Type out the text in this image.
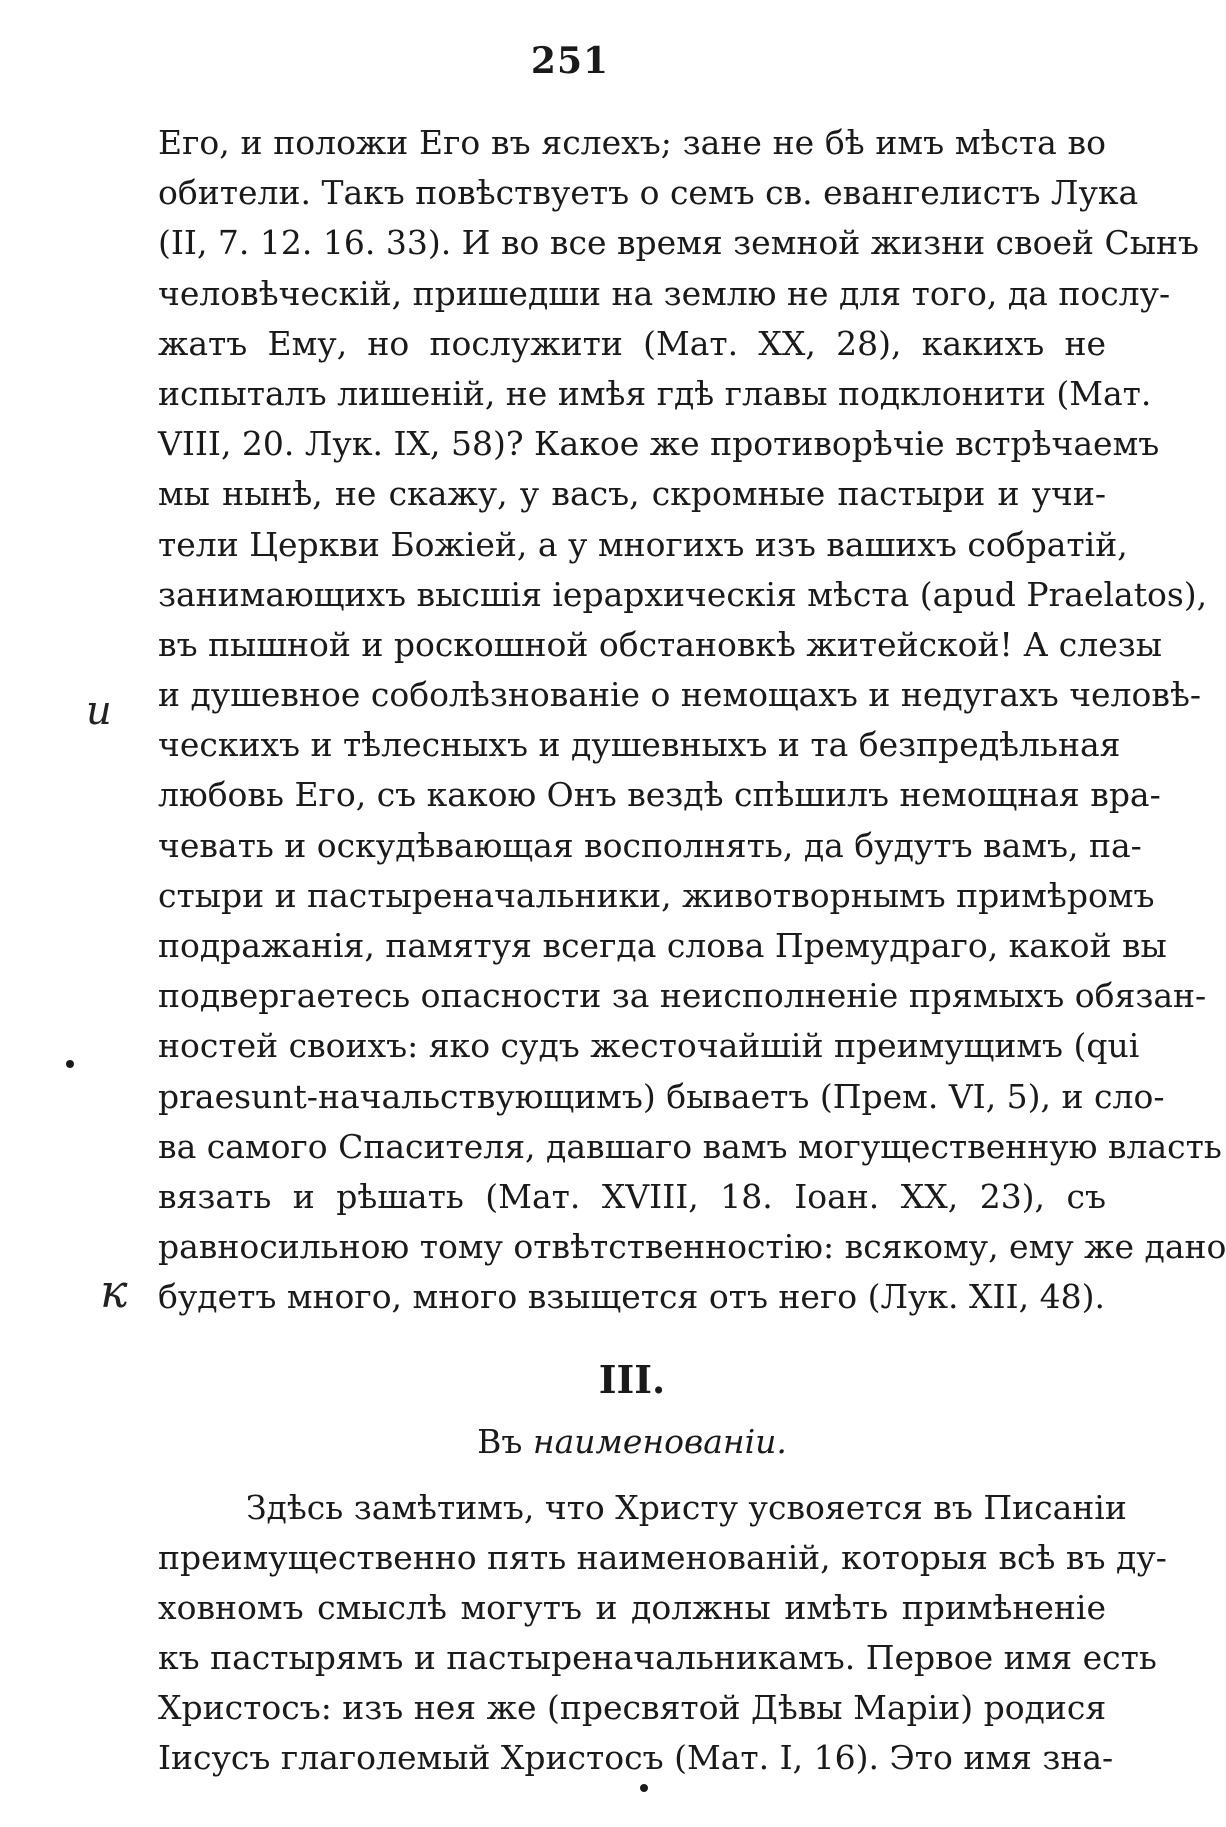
251
и
к
Его, и положи Его въ яслехъ; зане не бѣ имъ мѣста во
обители. Такъ повѣствуетъ о семъ св. евангелистъ Лука
(II, 7. 12. 16. 33). И во все время земной жизни своей Сынъ
человѣческій, пришедши на землю не для того, да послу-
жатъ Ему, но послужити (Мат. XX, 28), какихъ не
испыталъ лишеній, не имѣя гдѣ главы подклонити (Мат.
VIII, 20. Лук. IX, 58)? Какое же противорѣчіе встрѣчаемъ
мы нынѣ, не скажу, у васъ, скромные пастыри и учи-
тели Церкви Божіей, а у многихъ изъ вашихъ собратій,
занимающихъ высшія іерархическія мѣста (apud Praelatos),
въ пышной и роскошной обстановкѣ житейской! А слезы
и душевное соболѣзнованіе о немощахъ и недугахъ человѣ-
ческихъ и тѣлесныхъ и душевныхъ и та безпредѣльная
любовь Его, съ какою Онъ вездѣ спѣшилъ немощная вра-
чевать и оскудѣвающая восполнять, да будутъ вамъ, па-
стыри и пастыреначальники, животворнымъ примѣромъ
подражанія, памятуя всегда слова Премудраго, какой вы
подвергаетесь опасности за неисполненіе прямыхъ обязан-
ностей своихъ: яко судъ жесточайшій преимущимъ (qui
praesunt-начальствующимъ) бываетъ (Прем. VI, 5), и сло-
ва самого Спасителя, давшаго вамъ могущественную власть
вязать и рѣшать (Мат. XVIII, 18. Іоан. XX, 23), съ
равносильною тому отвѣтственностію: всякому, ему же дано
будетъ много, много взыщется отъ него (Лук. XII, 48).
III.
Въ наименованіи.
Здѣсь замѣтимъ, что Христу усвояется въ Писаніи
преимущественно пять наименованій, которыя всѣ въ ду-
ховномъ смыслѣ могутъ и должны имѣть примѣненіе
къ пастырямъ и пастыреначальникамъ. Первое имя есть
Христосъ: изъ нея же (пресвятой Дѣвы Маріи) родися
Іисусъ глаголемый Христосъ (Мат. I, 16). Это имя зна-
